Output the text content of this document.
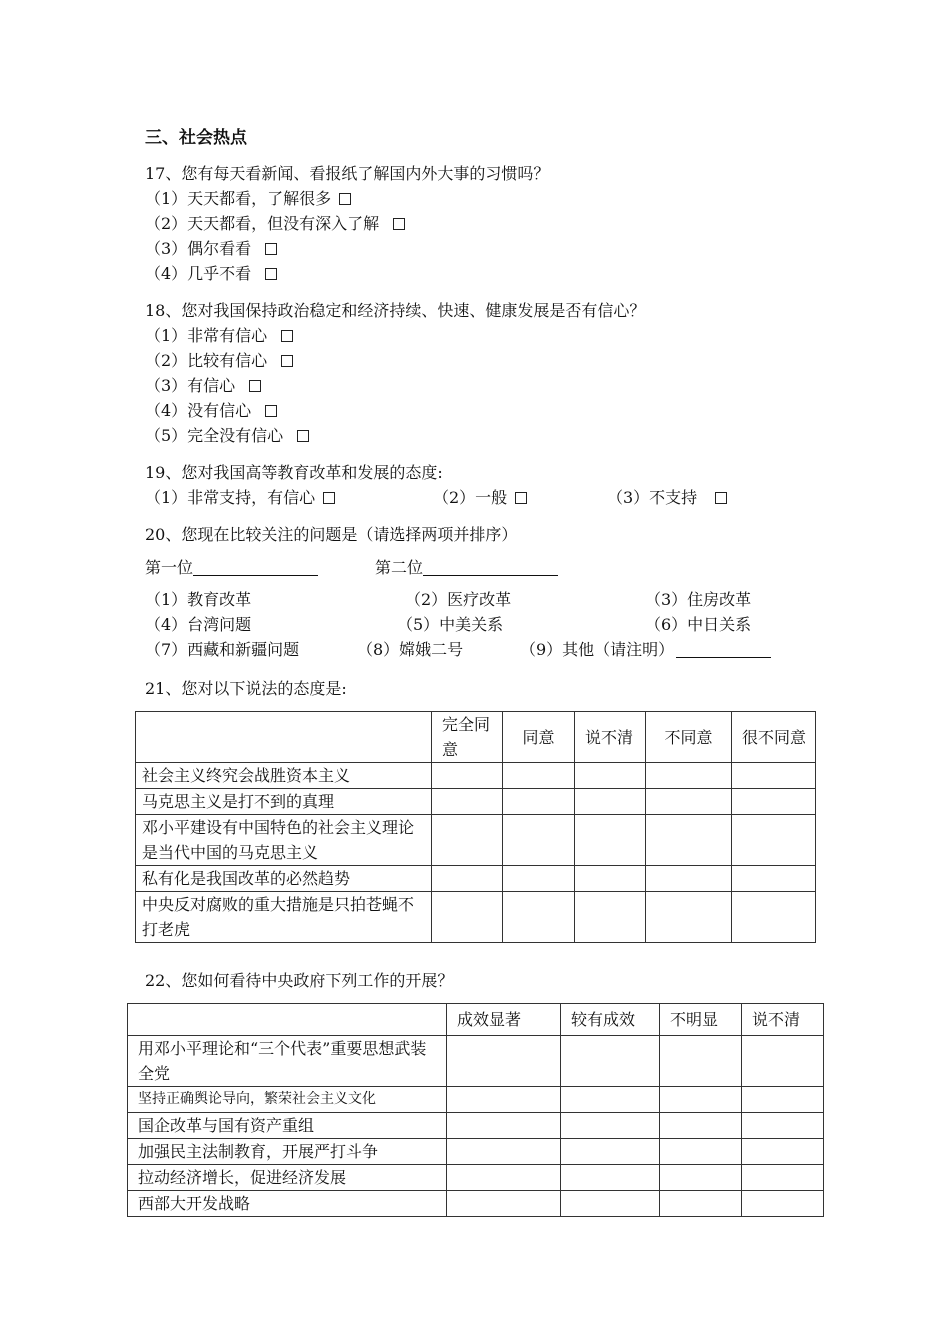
三、社会热点
17、您有每天看新闻、看报纸了解国内外大事的习惯吗？
（1）天天都看，了解很多
（2）天天都看，但没有深入了解
（3）偶尔看看
（4）几乎不看
18、您对我国保持政治稳定和经济持续、快速、健康发展是否有信心？
（1）非常有信心
（2）比较有信心
（3）有信心
（4）没有信心
（5）完全没有信心
19、您对我国高等教育改革和发展的态度:
（1）非常支持，有信心	（2）一般	（3）不支持
20、您现在比较关注的问题是（请选择两项并排序）
第一位	第二位
（1）教育改革	（2）医疗改革	（3）住房改革
（4）台湾问题	（5）中美关系	（6）中日关系
（7）西藏和新疆问题	（8）嫦娥二号	（9）其他（请注明）
21、您对以下说法的态度是:
	完全同意	同意	说不清	不同意	很不同意
社会主义终究会战胜资本主义					
马克思主义是打不到的真理					
邓小平建设有中国特色的社会主义理论是当代中国的马克思主义					
私有化是我国改革的必然趋势					
中央反对腐败的重大措施是只拍苍蝇不打老虎					
22、您如何看待中央政府下列工作的开展？
	成效显著	较有成效	不明显	说不清
用邓小平理论和“三个代表”重要思想武装全党				
坚持正确舆论导向，繁荣社会主义文化				
国企改革与国有资产重组				
加强民主法制教育，开展严打斗争				
拉动经济增长，促进经济发展				
西部大开发战略				
